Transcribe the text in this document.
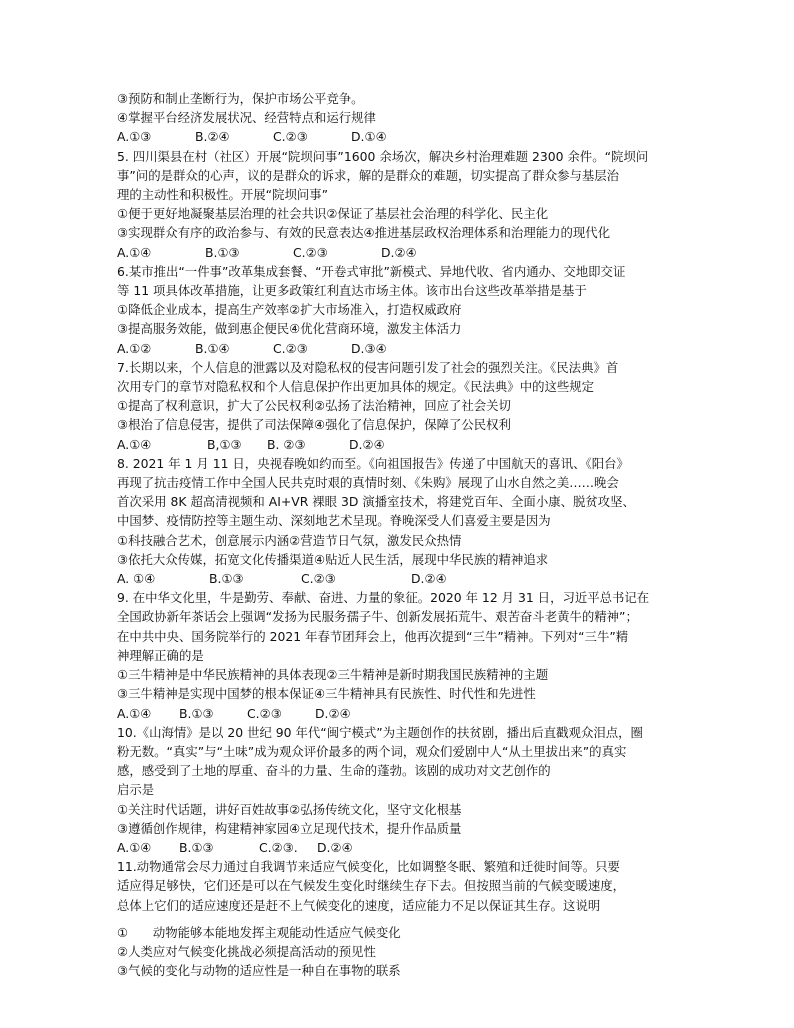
③预防和制止垄断行为，保护市场公平竞争。
④掌握平台经济发展状况、经营特点和运行规律
A.①③	B.②④	C.②③	D.①④
5. 四川渠县在村（社区）开展“院坝问事”1600 余场次，解决乡村治理难题 2300 余件。“院坝问
事”问的是群众的心声，议的是群众的诉求，解的是群众的难题，切实提高了群众参与基层治
理的主动性和积极性。开展“院坝问事”
①便于更好地凝聚基层治理的社会共识②保证了基层社会治理的科学化、民主化
③实现群众有序的政治参与、有效的民意表达④推进基层政权治理体系和治理能力的现代化
A.①④	B.①③	C.②③	D.②④
6.某市推出“一件事”改革集成套餐、“开卷式审批”新模式、异地代收、省内通办、交地即交证
等 11 项具体改革措施，让更多政策红利直达市场主体。该市出台这些改革举措是基于
①降低企业成本，提高生产效率②扩大市场准入，打造权威政府
③提高服务效能，做到惠企便民④优化营商环境，激发主体活力
A.①②	B.①④	C.②③	D.③④
7.长期以来，个人信息的泄露以及对隐私权的侵害问题引发了社会的强烈关注。《民法典》首
次用专门的章节对隐私权和个人信息保护作出更加具体的规定。《民法典》中的这些规定
①提高了权利意识，扩大了公民权利②弘扬了法治精神，回应了社会关切
③根治了信息侵害，提供了司法保障④强化了信息保护，保障了公民权利
A.①④	B,①③ B. ②③	D.②④
8. 2021 年 1 月 11 日，央视春晚如约而至。《向祖国报告》传递了中国航天的喜讯、《阳台》
再现了抗击疫情工作中全国人民共克时艰的真情时刻、《朱购》展现了山水自然之美……晚会
首次采用 8K 超高清视频和 AI+VR 裸眼 3D 演播室技术，将建党百年、全面小康、脱贫攻坚、
中国梦、疫情防控等主题生动、深刻地艺术呈现。脊晚深受人们喜爱主要是因为
①科技融合艺术，创意展示内涵②营造节日气氛，激发民众热情
③依托大众传媒，拓宽文化传播渠道④贴近人民生活，展现中华民族的精神追求
A. ①④	B.①③	C.②③	D.②④
9. 在中华文化里，牛是勤劳、奉献、奋进、力量的象征。2020 年 12 月 31 日，习近平总书记在
全国政协新年茶话会上强调“发扬为民服务孺子牛、创新发展拓荒牛、艰苦奋斗老黄牛的精神”；
在中共中央、国务院举行的 2021 年春节团拜会上，他再次提到“三牛”精神。下列对“三牛”精
神理解正确的是
①三牛精神是中华民族精神的具体表现②三牛精神是新时期我国民族精神的主题
③三牛精神是实现中国梦的根本保证④三牛精神具有民族性、时代性和先进性
A.①④ B.①③	C.②③	D.②④
10.《山海情》是以 20 世纪 90 年代“闽宁模式”为主题创作的扶贫剧，播出后直戳观众泪点，圈
粉无数。“真实”与“土味”成为观众评价最多的两个词，观众们爱剧中人“从土里拔出来”的真实
感，感受到了土地的厚重、奋斗的力量、生命的蓬勃。该剧的成功对文艺创作的
启示是
①关注时代话题，讲好百姓故事②弘扬传统文化，坚守文化根基
③遵循创作规律，构建精神家园④立足现代技术，提升作品质量
A.①④ B.①③	C.②③. D.②④
11.动物通常会尽力通过自我调节来适应气候变化，比如调整冬眠、繁殖和迁徙时间等。只要
适应得足够快，它们还是可以在气候发生变化时继续生存下去。但按照当前的气候变暖速度，
总体上它们的适应速度还是赶不上气候变化的速度，适应能力不足以保证其生存。这说明
①　　动物能够本能地发挥主观能动性适应气候变化
②人类应对气候变化挑战必须提高活动的预见性
③气候的变化与动物的适应性是一种自在事物的联系
